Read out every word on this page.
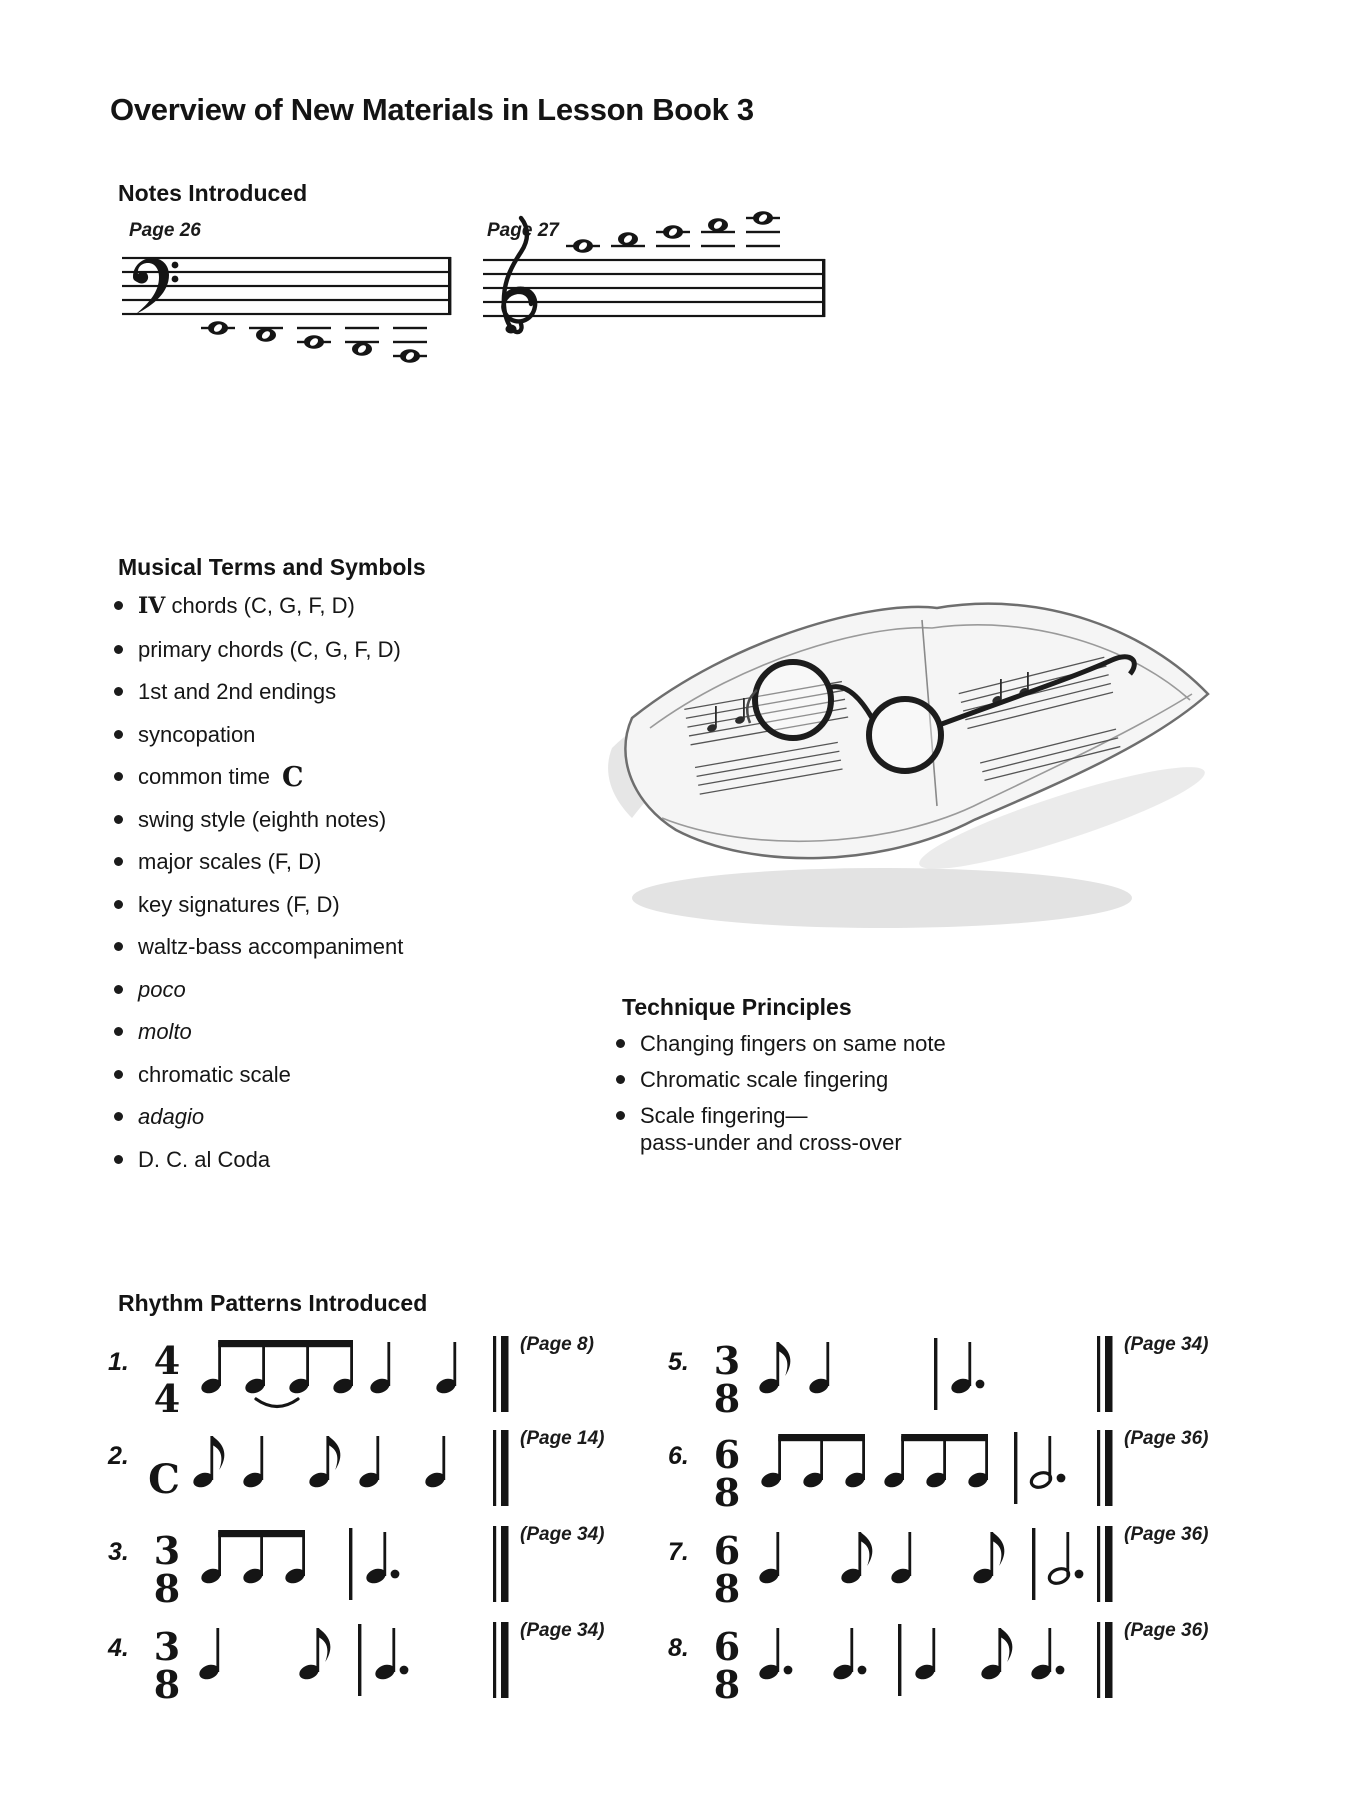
Overview of New Materials in Lesson Book 3
Notes Introduced
Page 26	Page 27
Musical Terms and Symbols
IV chords (C, G, F, D)
primary chords (C, G, F, D)
1st and 2nd endings
syncopation
common time C
swing style (eighth notes)
major scales (F, D)
key signatures (F, D)
waltz-bass accompaniment
poco
molto
chromatic scale
adagio
D. C. al Coda
Technique Principles
Changing fingers on same note
Chromatic scale fingering
Scale fingering—
pass-under and cross-over
Rhythm Patterns Introduced
1. 4
4
(Page 8)
2. C
(Page 14)
3. 3
8
(Page 34)
4. 3
8
(Page 34)
5. 3
8
(Page 34)
6. 6
8
(Page 36)
7. 6
8
(Page 36)
8. 6
8
(Page 36)
